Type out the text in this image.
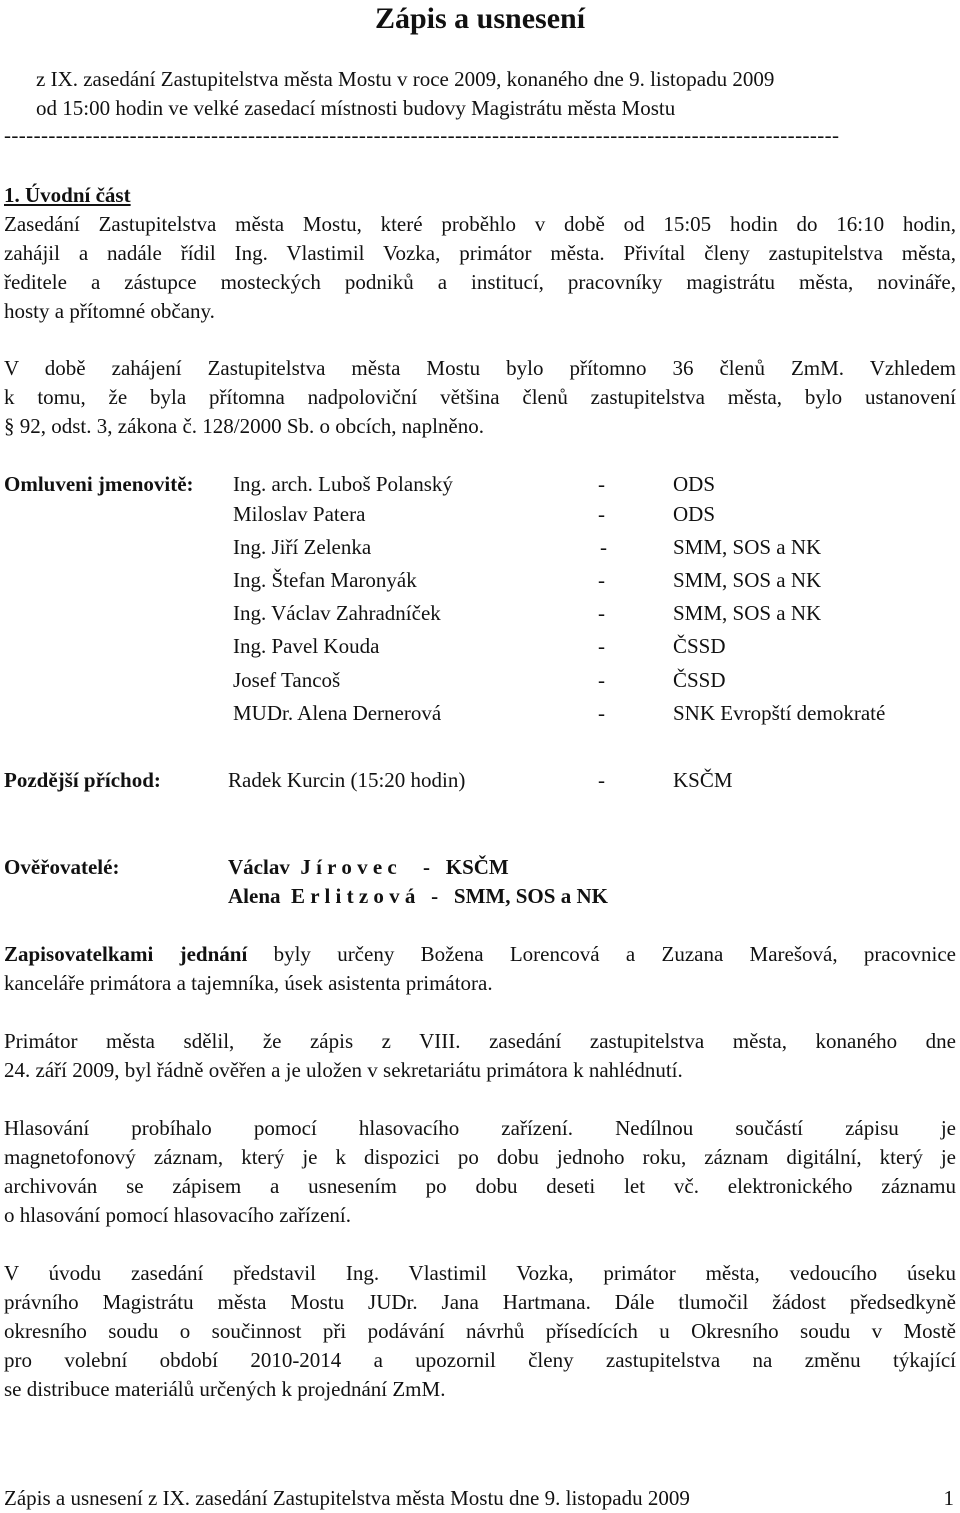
Zápis a usnesení
z IX. zasedání Zastupitelstva města Mostu v roce 2009, konaného dne 9. listopadu 2009
od 15:00 hodin ve velké zasedací místnosti budovy Magistrátu města Mostu
-----------------------------------------------------------------------------------------------------------------
1. Úvodní část
Zasedání Zastupitelstva města Mostu, které proběhlo v době od 15:05 hodin do 16:10 hodin,
zahájil a nadále řídil Ing. Vlastimil Vozka, primátor města. Přivítal členy zastupitelstva města,
ředitele a zástupce mosteckých podniků a institucí, pracovníky magistrátu města, novináře,
hosty a přítomné občany.
V době zahájení Zastupitelstva města Mostu bylo přítomno 36 členů ZmM. Vzhledem
k tomu, že byla přítomna nadpoloviční většina členů zastupitelstva města, bylo ustanovení
§ 92, odst. 3, zákona č. 128/2000 Sb. o obcích, naplněno.
Omluveni jmenovitě: Ing. arch. Luboš Polanský	-	ODS
Miloslav Patera	-	ODS
Ing. Jiří Zelenka	-	SMM, SOS a NK
Ing. Štefan Maronyák	-	SMM, SOS a NK
Ing. Václav Zahradníček	-	SMM, SOS a NK
Ing. Pavel Kouda	-	ČSSD
Josef Tancoš	-	ČSSD
MUDr. Alena Dernerová	-	SNK Evropští demokraté
Pozdější příchod:	Radek Kurcin (15:20 hodin)	-	KSČM
Ověřovatelé:	Václav  J í r o v e c     -   KSČM
Alena  E r l i t z o v á   -   SMM, SOS a NK
Zapisovatelkami jednání byly určeny Božena Lorencová a Zuzana Marešová, pracovnice
kanceláře primátora a tajemníka, úsek asistenta primátora.
Primátor města sdělil, že zápis z VIII. zasedání zastupitelstva města, konaného dne
24. září 2009, byl řádně ověřen a je uložen v sekretariátu primátora k nahlédnutí.
Hlasování probíhalo pomocí hlasovacího zařízení. Nedílnou součástí zápisu je
magnetofonový záznam, který je k dispozici po dobu jednoho roku, záznam digitální, který je
archivován se zápisem a usnesením po dobu deseti let vč. elektronického záznamu
o hlasování pomocí hlasovacího zařízení.
V úvodu zasedání představil Ing. Vlastimil Vozka, primátor města, vedoucího úseku
právního Magistrátu města Mostu JUDr. Jana Hartmana. Dále tlumočil žádost předsedkyně
okresního soudu o součinnost při podávání návrhů přísedících u Okresního soudu v Mostě
pro volební období 2010-2014 a upozornil členy zastupitelstva na změnu týkající
se distribuce materiálů určených k projednání ZmM.
Zápis a usnesení z IX. zasedání Zastupitelstva města Mostu dne 9. listopadu 2009	1
